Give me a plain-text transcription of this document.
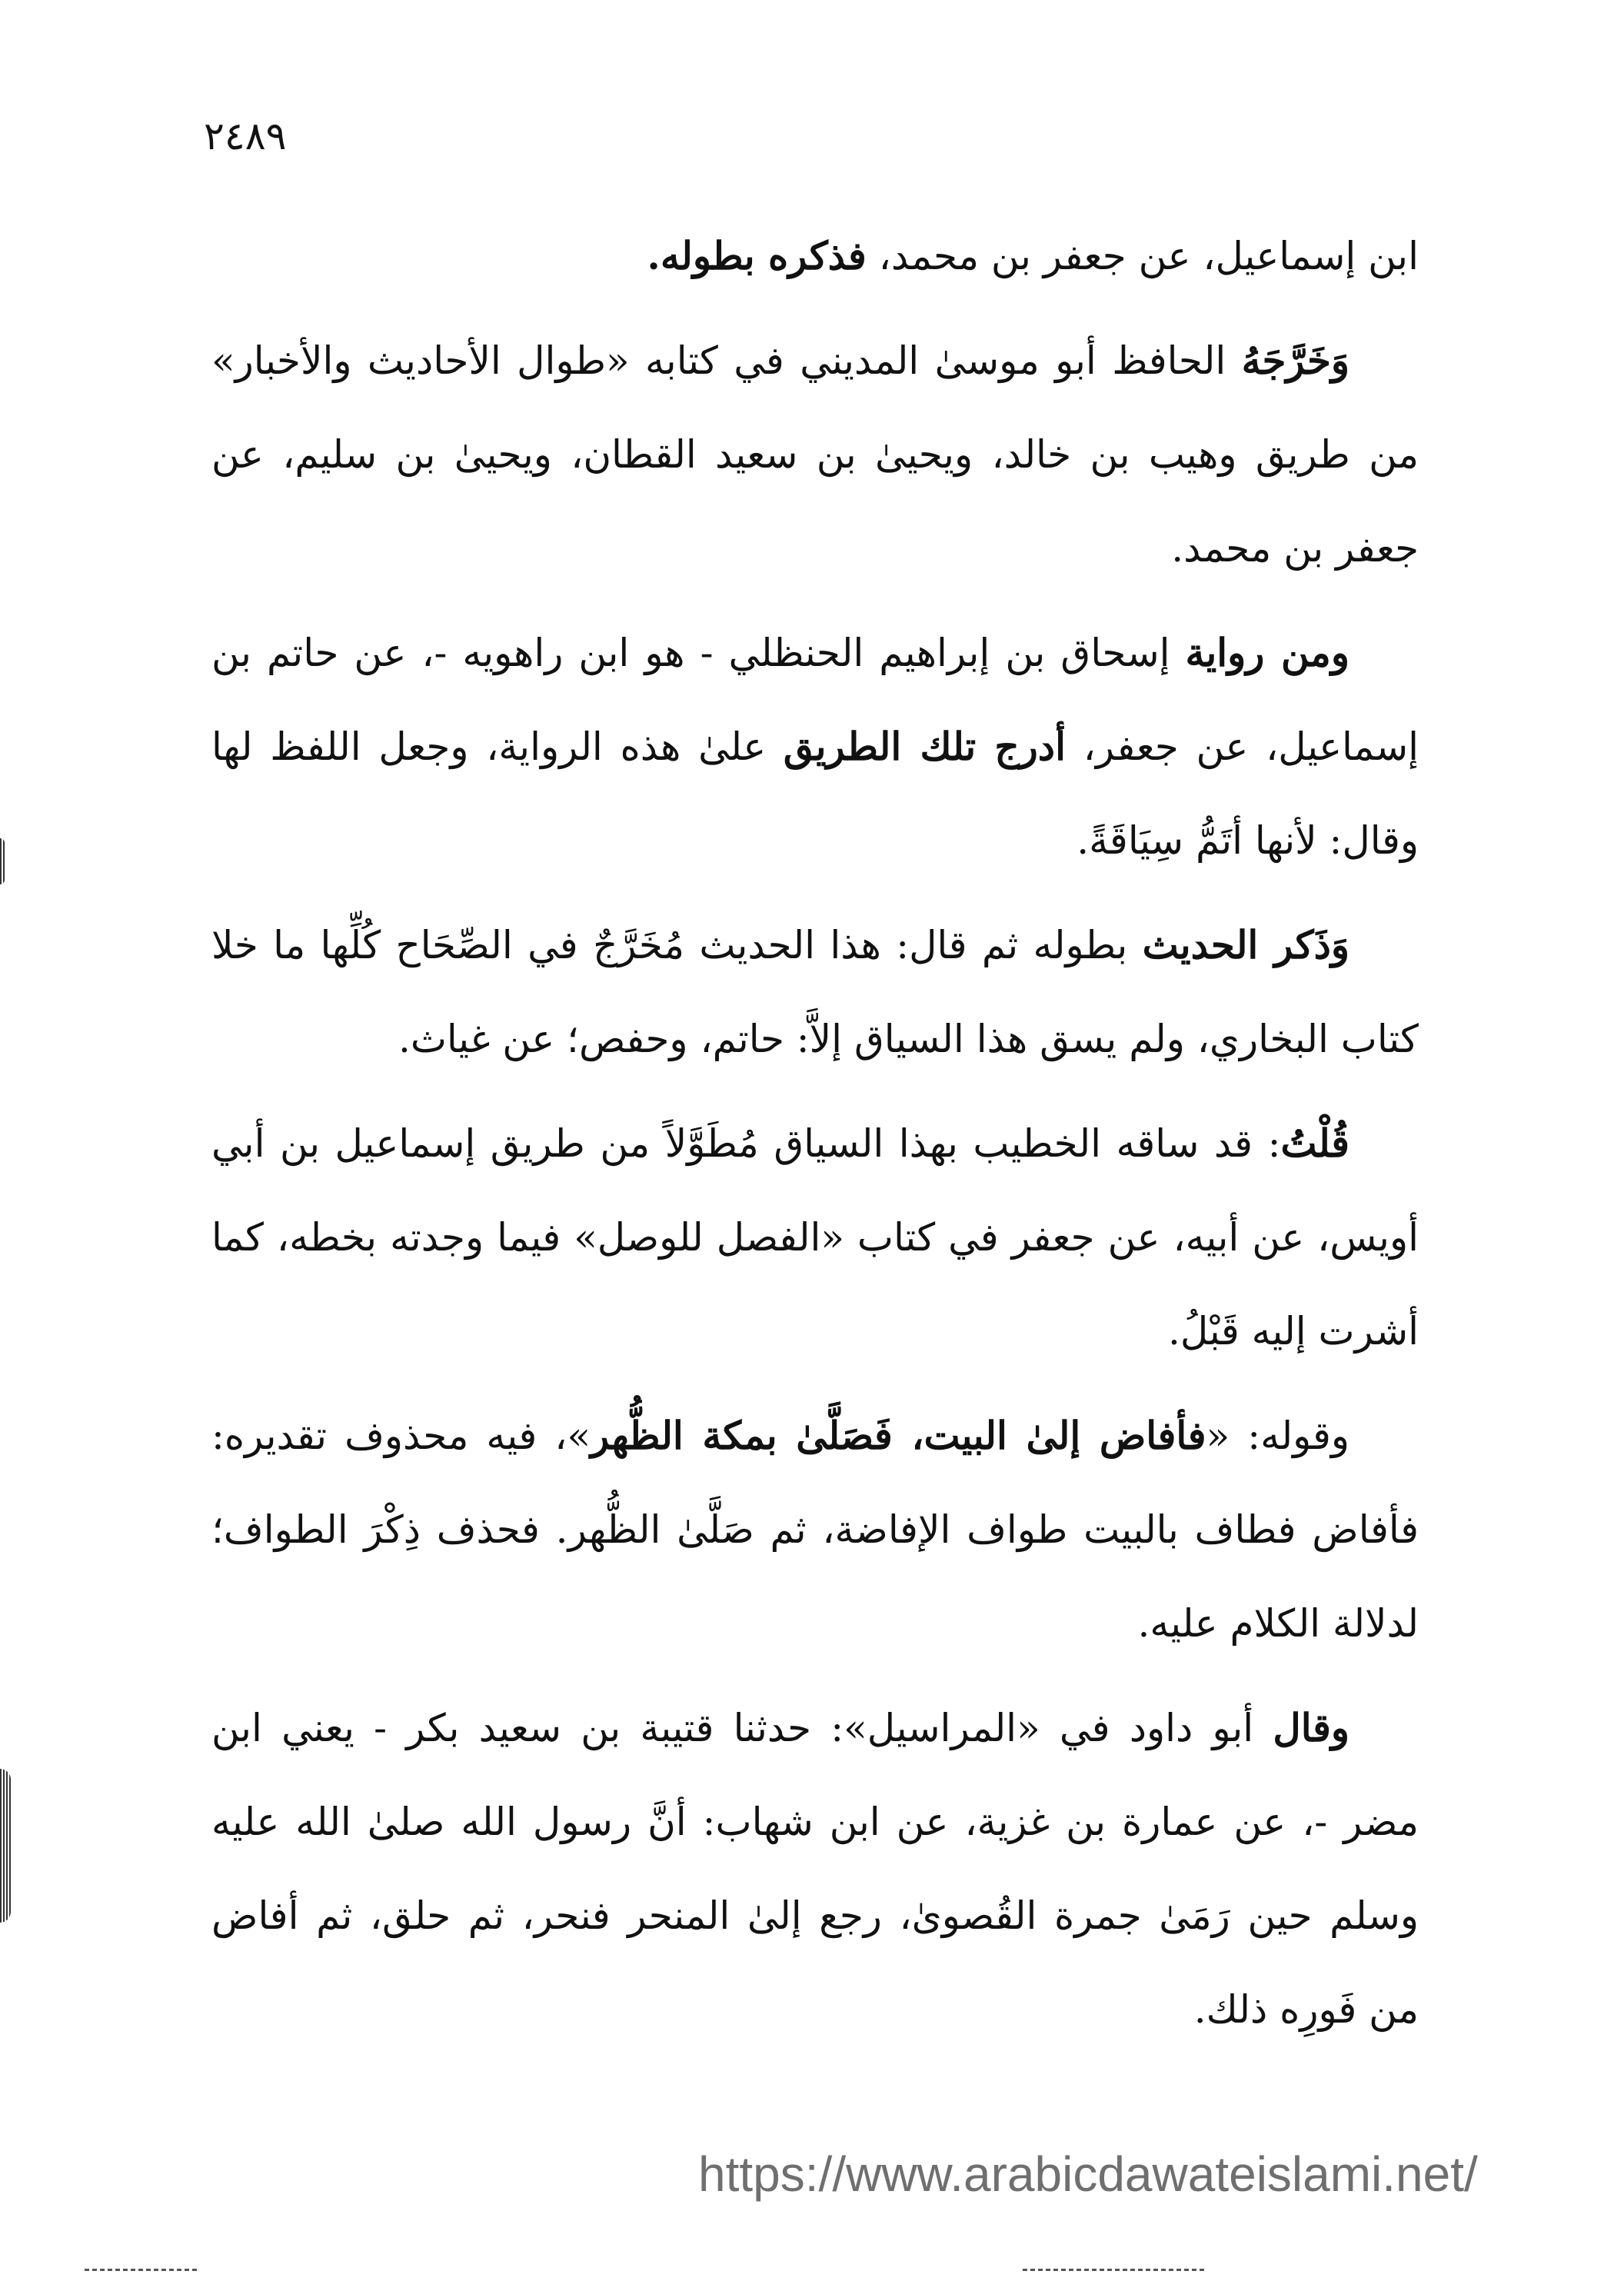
٢٤٨٩

ابن إسماعيل، عن جعفر بن محمد، فذكره بطوله.

وَخَرَّجَهُ الحافظ أبو موسىٰ المديني في كتابه «طوال الأحاديث والأخبار» من طريق وهيب بن خالد، ويحيىٰ بن سعيد القطان، ويحيىٰ بن سليم، عن جعفر بن محمد.

ومن رواية إسحاق بن إبراهيم الحنظلي - هو ابن راهويه -، عن حاتم بن إسماعيل، عن جعفر، أدرج تلك الطريق علىٰ هذه الرواية، وجعل اللفظ لها وقال: لأنها أتَمُّ سِيَاقَةً.

وَذَكر الحديث بطوله ثم قال: هذا الحديث مُخَرَّجٌ في الصِّحَاح كُلِّها ما خلا كتاب البخاري، ولم يسق هذا السياق إلاَّ: حاتم، وحفص؛ عن غياث.

قُلْتُ: قد ساقه الخطيب بهذا السياق مُطَوَّلاً من طريق إسماعيل بن أبي أويس، عن أبيه، عن جعفر في كتاب «الفصل للوصل» فيما وجدته بخطه، كما أشرت إليه قَبْلُ.

وقوله: «فأفاض إلىٰ البيت، فَصَلَّىٰ بمكة الظُّهر»، فيه محذوف تقديره: فأفاض فطاف بالبيت طواف الإفاضة، ثم صَلَّىٰ الظُّهر. فحذف ذِكْرَ الطواف؛ لدلالة الكلام عليه.

وقال أبو داود في «المراسيل»: حدثنا قتيبة بن سعيد بكر - يعني ابن مضر -، عن عمارة بن غزية، عن ابن شهاب: أنَّ رسول الله صلىٰ الله عليه وسلم حين رَمَىٰ جمرة القُصوىٰ، رجع إلىٰ المنحر فنحر، ثم حلق، ثم أفاض من فَورِه ذلك.

https://www.arabicdawateislami.net/
